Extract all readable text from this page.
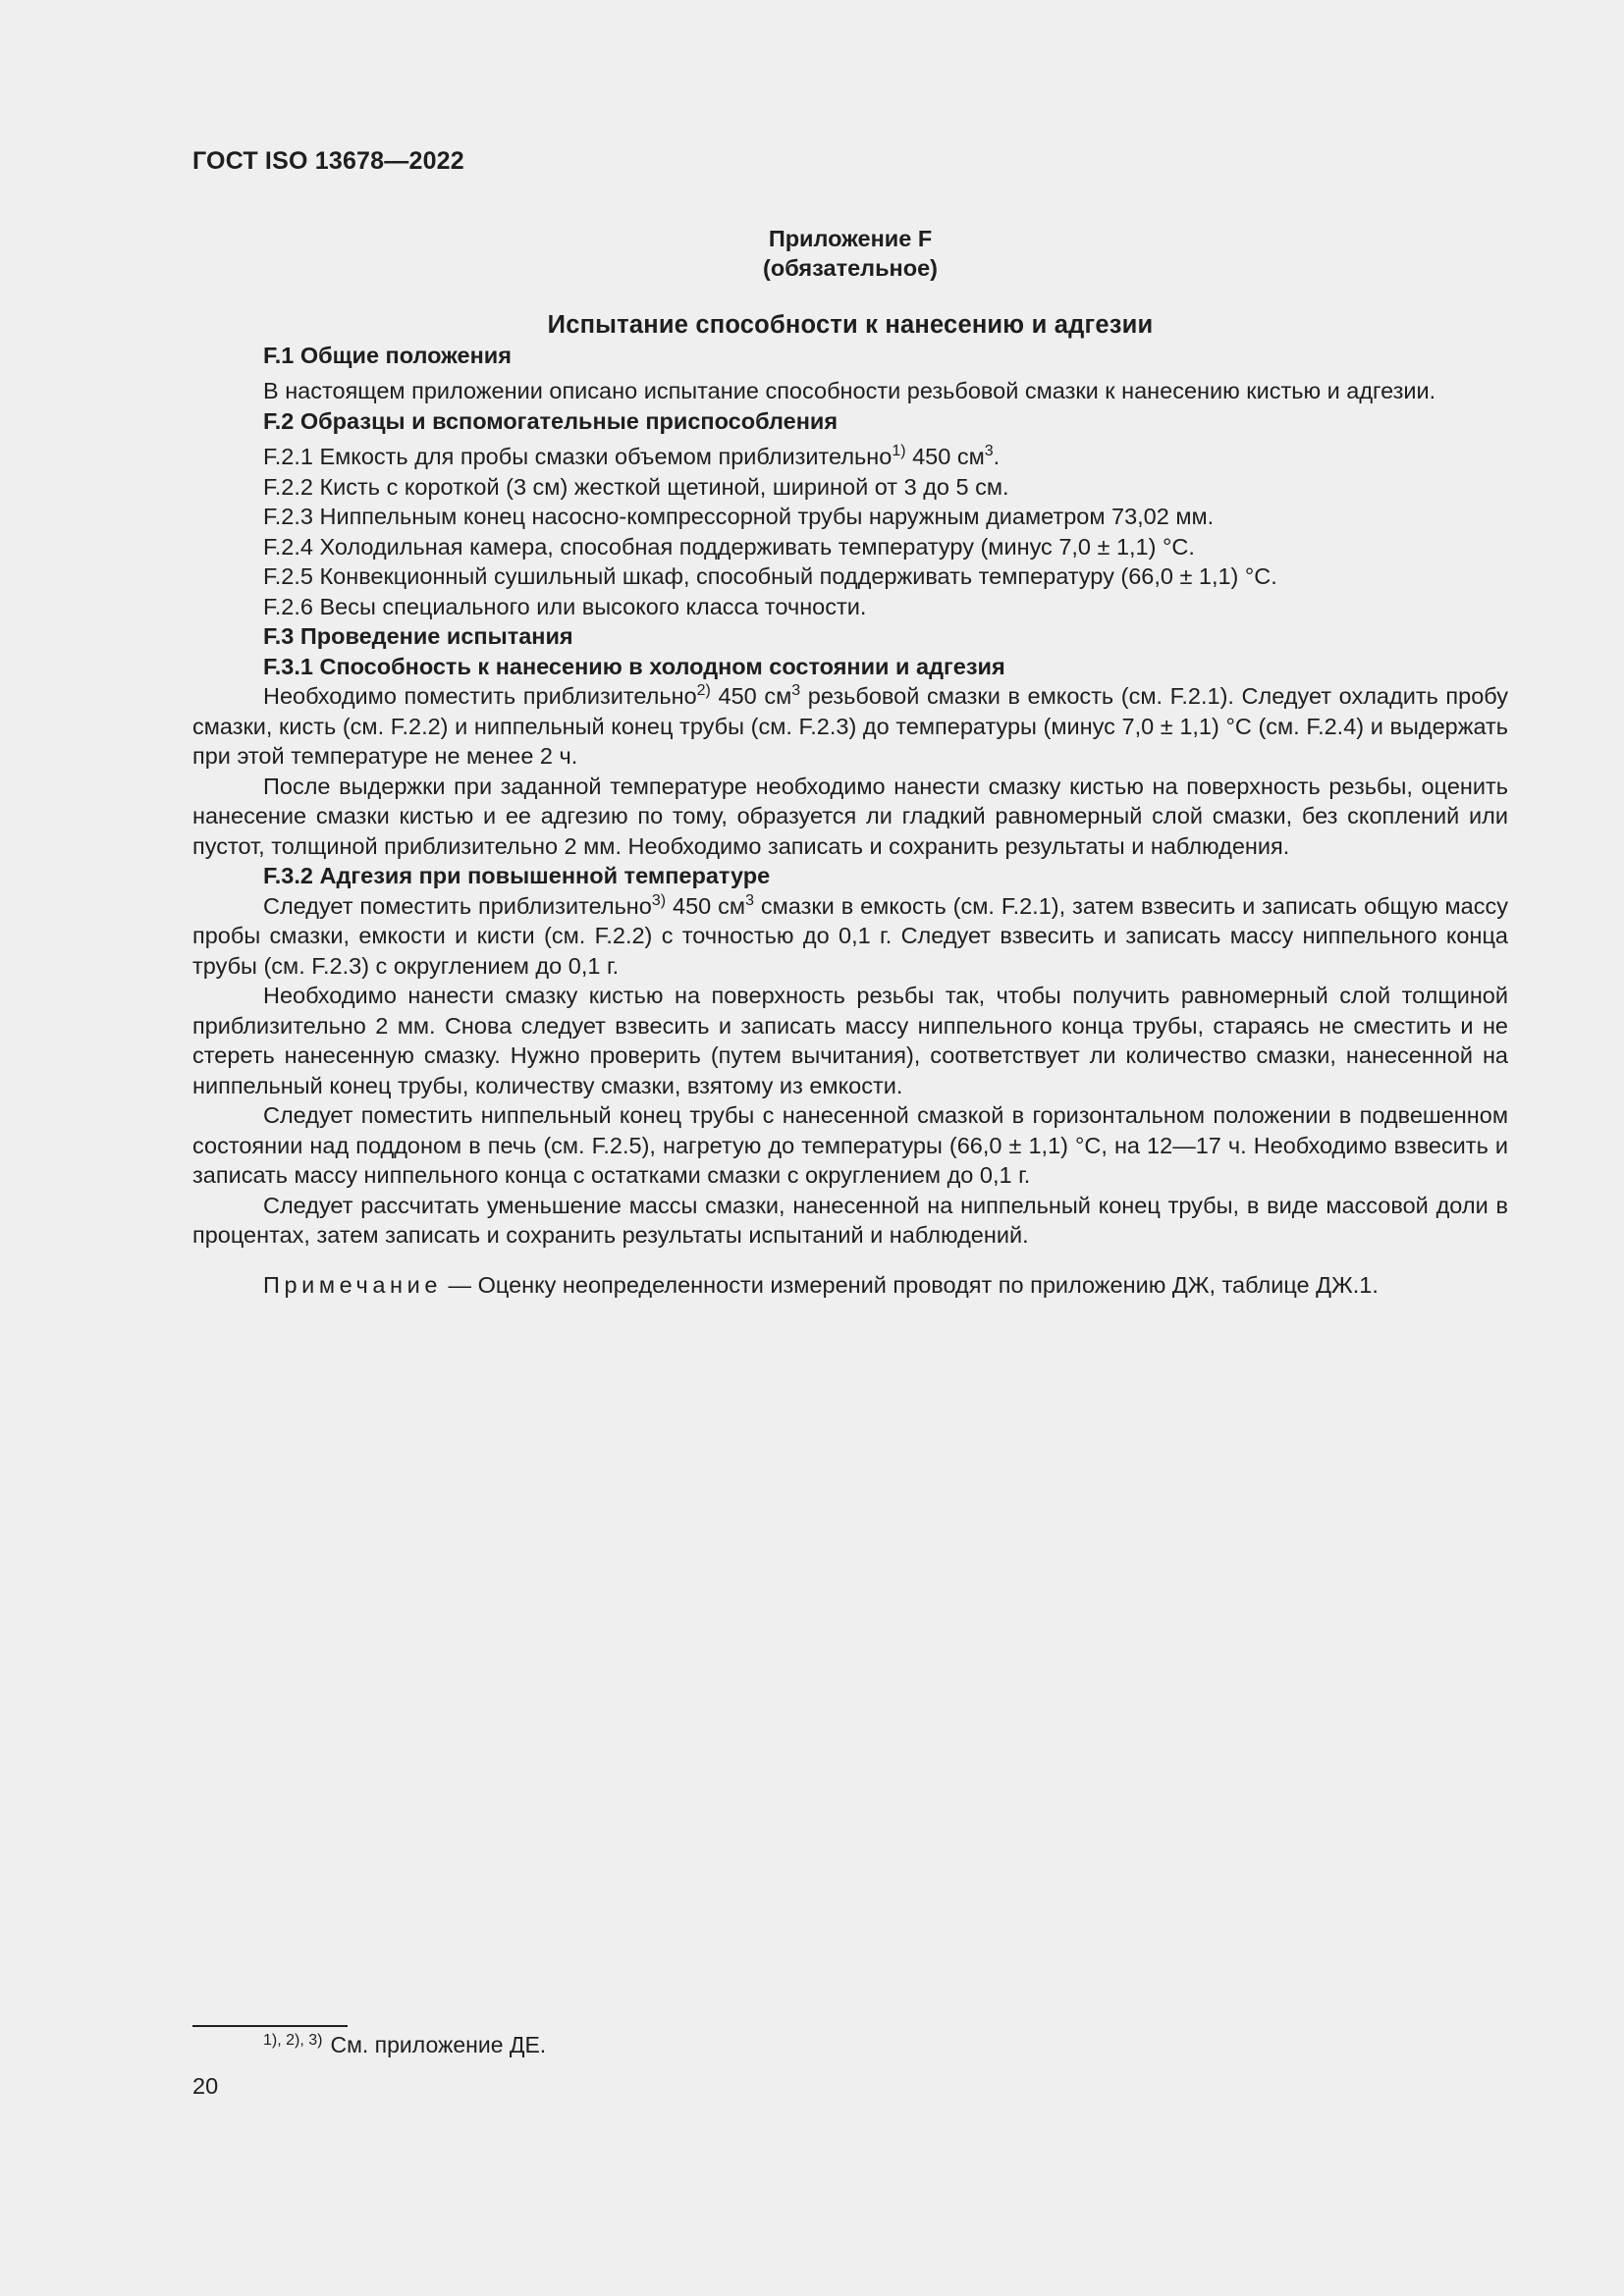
ГОСТ ISO 13678—2022
Приложение F
(обязательное)
Испытание способности к нанесению и адгезии
F.1 Общие положения

В настоящем приложении описано испытание способности резьбовой смазки к нанесению кистью и адгезии.

F.2 Образцы и вспомогательные приспособления
F.2.1 Емкость для пробы смазки объемом приблизительно$^{1)}$ 450 $см^3$.
F.2.2 Кисть с короткой (3 см) жесткой щетиной, шириной от 3 до 5 см.
F.2.3 Ниппельным конец насосно-компрессорной трубы наружным диаметром 73,02 мм.
F.2.4 Холодильная камера, способная поддерживать температуру (минус 7,0 ± 1,1) °С.
F.2.5 Конвекционный сушильный шкаф, способный поддерживать температуру (66,0 ± 1,1) °С.
F.2.6 Весы специального или высокого класса точности.
F.3 Проведение испытания
F.3.1 Способность к нанесению в холодном состоянии и адгезия

Необходимо поместить приблизительно$^{2)}$ 450 $см^3$ резьбовой смазки в емкость (см. F.2.1). Следует охладить пробу смазки, кисть (см. F.2.2) и ниппельный конец трубы (см. F.2.3) до температуры (минус 7,0 ± 1,1) °С (см. F.2.4) и выдержать при этой температуре не менее 2 ч.

После выдержки при заданной температуре необходимо нанести смазку кистью на поверхность резьбы, оценить нанесение смазки кистью и ее адгезию по тому, образуется ли гладкий равномерный слой смазки, без скоплений или пустот, толщиной приблизительно 2 мм. Необходимо записать и сохранить результаты и наблюдения.

F.3.2 Адгезия при повышенной температуре

Следует поместить приблизительно$^{3)}$ 450 $см^3$ смазки в емкость (см. F.2.1), затем взвесить и записать общую массу пробы смазки, емкости и кисти (см. F.2.2) с точностью до 0,1 г. Следует взвесить и записать массу ниппельного конца трубы (см. F.2.3) с округлением до 0,1 г.

Необходимо нанести смазку кистью на поверхность резьбы так, чтобы получить равномерный слой толщиной приблизительно 2 мм. Снова следует взвесить и записать массу ниппельного конца трубы, стараясь не сместить и не стереть нанесенную смазку. Нужно проверить (путем вычитания), соответствует ли количество смазки, нанесенной на ниппельный конец трубы, количеству смазки, взятому из емкости.

Следует поместить ниппельный конец трубы с нанесенной смазкой в горизонтальном положении в подвешенном состоянии над поддоном в печь (см. F.2.5), нагретую до температуры (66,0 ± 1,1) °С, на 12—17 ч. Необходимо взвесить и записать массу ниппельного конца с остатками смазки с округлением до 0,1 г.

Следует рассчитать уменьшение массы смазки, нанесенной на ниппельный конец трубы, в виде массовой доли в процентах, затем записать и сохранить результаты испытаний и наблюдений.

Примечание — Оценку неопределенности измерений проводят по приложению ДЖ, таблице ДЖ.1.
$^{1), 2), 3)}$ См. приложение ДЕ.
20
